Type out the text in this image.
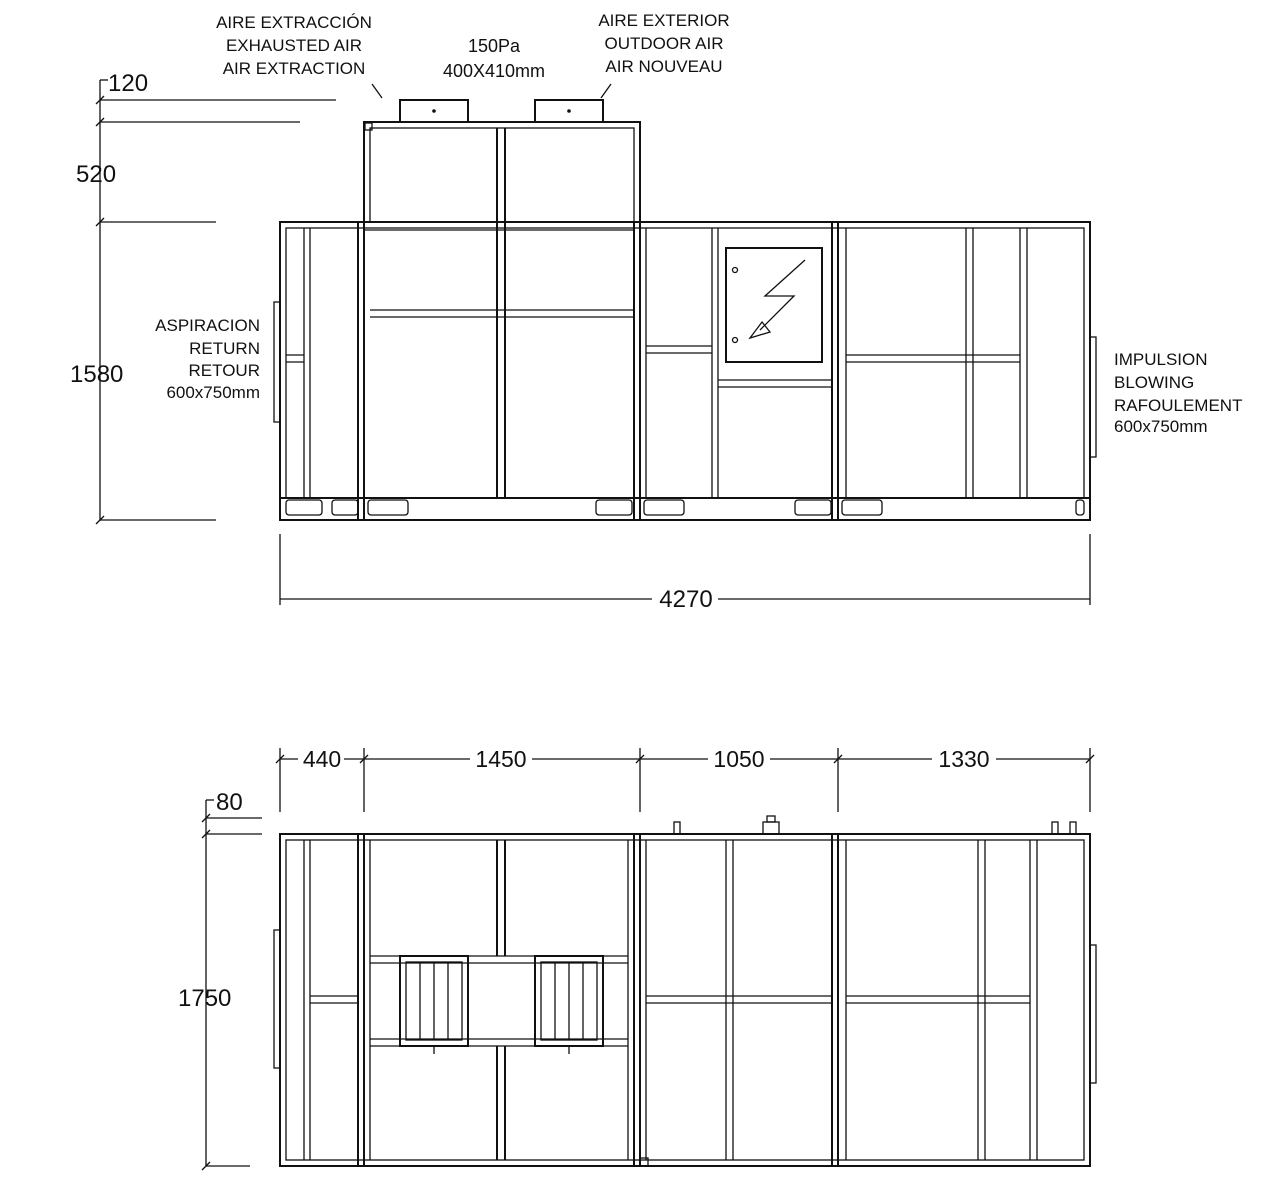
AIRE EXTRACCIÓN
EXHAUSTED AIR
AIR EXTRACTION
150Pa
400X410mm
AIRE EXTERIOR
OUTDOOR AIR
AIR NOUVEAU
ASPIRACION
RETURN
RETOUR
600x750mm
IMPULSION
BLOWING
RAFOULEMENT
600x750mm
120
520
1580
4270
440	1450	1050	1330
80
1750
